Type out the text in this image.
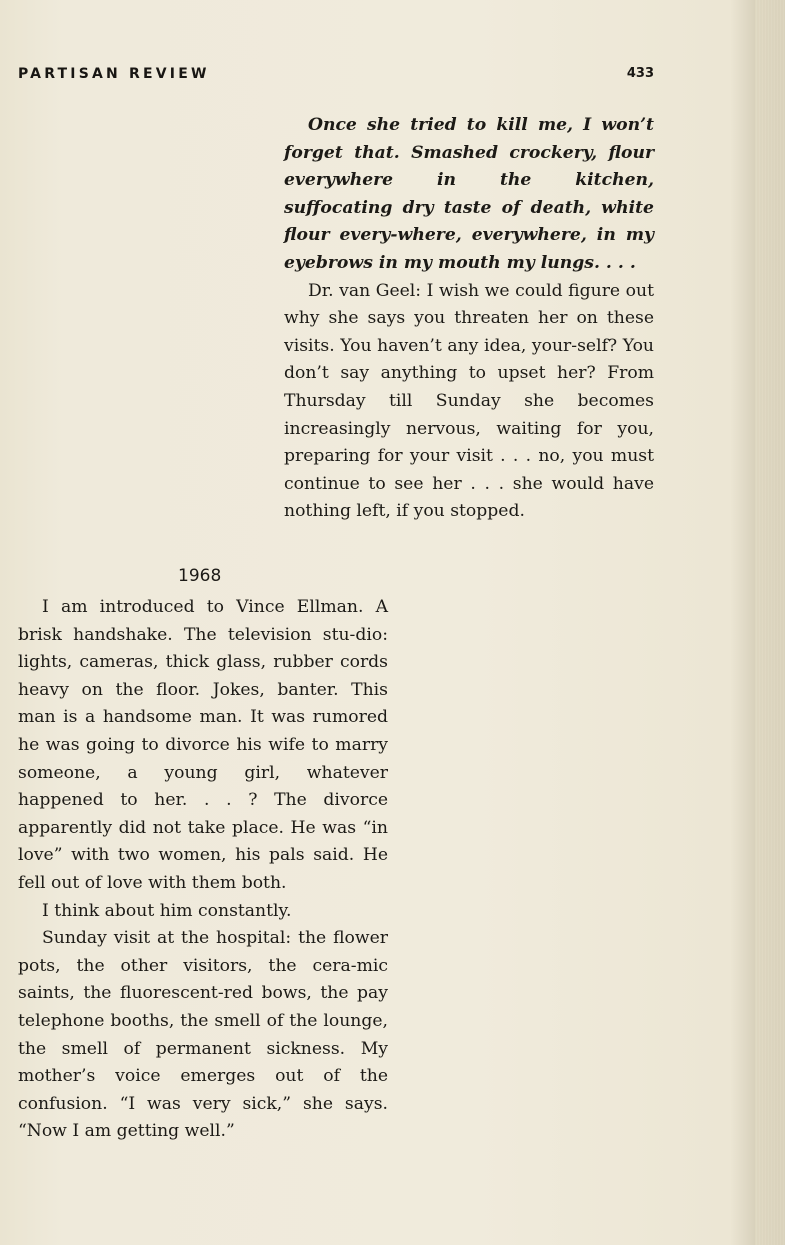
PARTISAN REVIEW	433

Once she tried to kill me, I won’t forget that. Smashed crockery, flour everywhere in the kitchen, suffocating dry taste of death, white flour every-where, everywhere, in my eyebrows in my mouth my lungs. . . .

Dr. van Geel: I wish we could figure out why she says you threaten her on these visits. You haven’t any idea, your-self? You don’t say anything to upset her? From Thursday till Sunday she becomes increasingly nervous, waiting for you, preparing for your visit . . . no, you must continue to see her . . . she would have nothing left, if you stopped.

1968

I am introduced to Vince Ellman. A brisk handshake. The television stu-dio: lights, cameras, thick glass, rubber cords heavy on the floor. Jokes, banter. This man is a handsome man. It was rumored he was going to divorce his wife to marry someone, a young girl, whatever happened to her. . . ? The divorce apparently did not take place. He was “in love” with two women, his pals said. He fell out of love with them both.

I think about him constantly.

Sunday visit at the hospital: the flower pots, the other visitors, the cera-mic saints, the fluorescent-red bows, the pay telephone booths, the smell of the lounge, the smell of permanent sickness. My mother’s voice emerges out of the confusion. “I was very sick,” she says. “Now I am getting well.”
